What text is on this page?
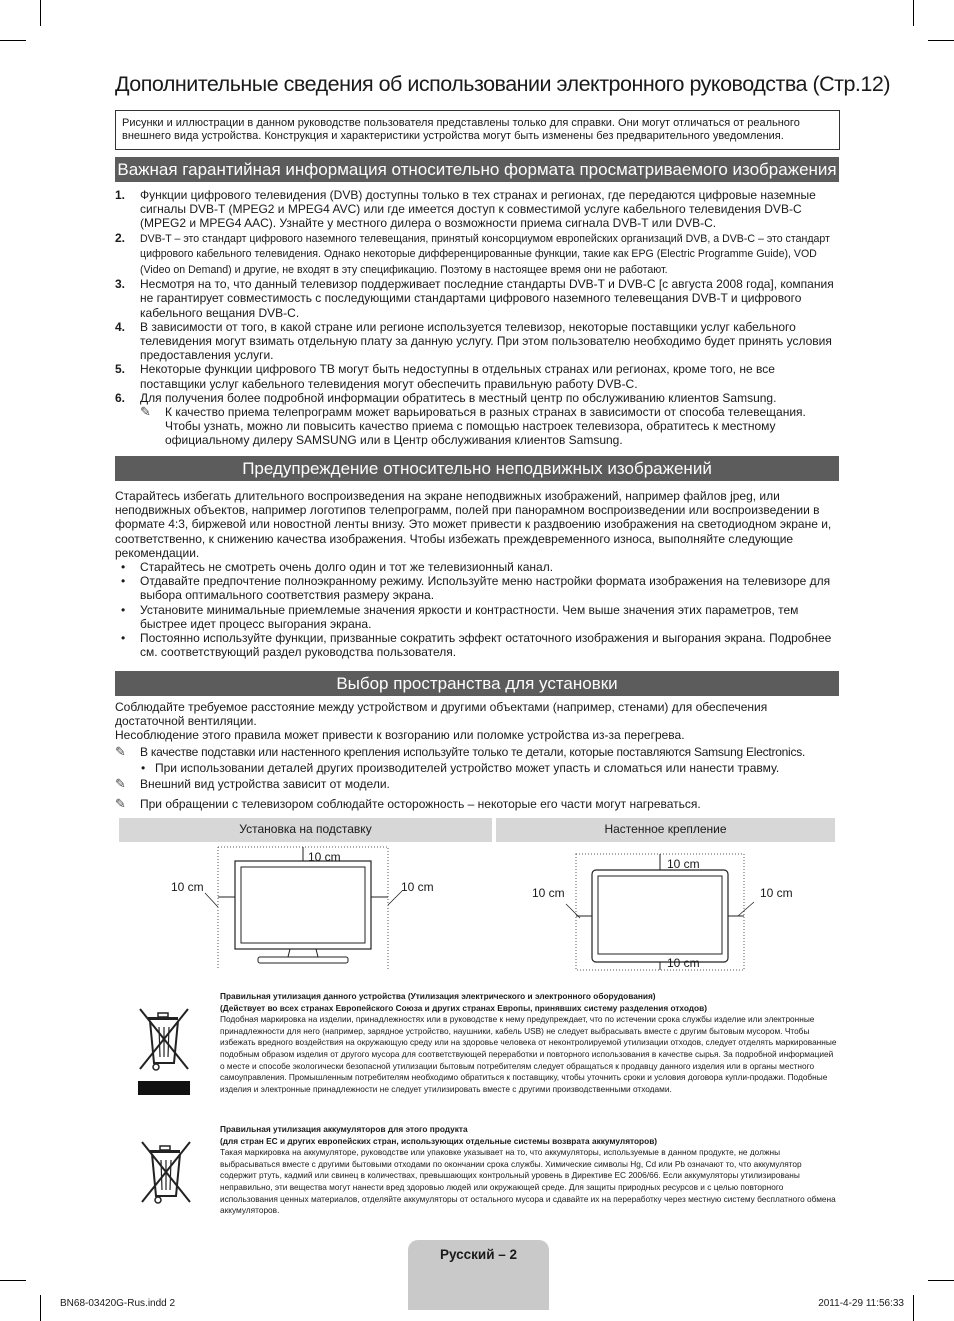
Дополнительные сведения об использовании электронного руководства (Стр.12)
Рисунки и иллюстрации в данном руководстве пользователя представлены только для справки. Они могут отличаться от реального внешнего вида устройства. Конструкция и характеристики устройства могут быть изменены без предварительного уведомления.
Важная гарантийная информация относительно формата просматриваемого изображения
1. Функции цифрового телевидения (DVB) доступны только в тех странах и регионах, где передаются цифровые наземные сигналы DVB-T (MPEG2 и MPEG4 AVC) или где имеется доступ к совместимой услуге кабельного телевидения DVB-C (MPEG2 и MPEG4 AAC). Узнайте у местного дилера о возможности приема сигнала DVB-T или DVB-C.
2. DVB-T – это стандарт цифрового наземного телевещания, принятый консорциумом европейских организаций DVB, а DVB-C – это стандарт цифрового кабельного телевидения. Однако некоторые дифференцированные функции, такие как EPG (Electric Programme Guide), VOD (Video on Demand) и другие, не входят в эту спецификацию. Поэтому в настоящее время они не работают.
3. Несмотря на то, что данный телевизор поддерживает последние стандарты DVB-T и DVB-C [с августа 2008 года], компания не гарантирует совместимость с последующими стандартами цифрового наземного телевещания DVB-T и цифрового кабельного вещания DVB-C.
4. В зависимости от того, в какой стране или регионе используется телевизор, некоторые поставщики услуг кабельного телевидения могут взимать отдельную плату за данную услугу. При этом пользователю необходимо будет принять условия предоставления услуги.
5. Некоторые функции цифрового ТВ могут быть недоступны в отдельных странах или регионах, кроме того, не все поставщики услуг кабельного телевидения могут обеспечить правильную работу DVB-C.
6. Для получения более подробной информации обратитесь в местный центр по обслуживанию клиентов Samsung.
✎ К качество приема телепрограмм может варьироваться в разных странах в зависимости от способа телевещания. Чтобы узнать, можно ли повысить качество приема с помощью настроек телевизора, обратитесь к местному официальному дилеру SAMSUNG или в Центр обслуживания клиентов Samsung.
Предупреждение относительно неподвижных изображений
Старайтесь избегать длительного воспроизведения на экране неподвижных изображений, например файлов jpeg, или неподвижных объектов, например логотипов телепрограмм, полей при панорамном воспроизведении или воспроизведении в формате 4:3, биржевой или новостной ленты внизу. Это может привести к раздвоению изображения на светодиодном экране и, соответственно, к снижению качества изображения. Чтобы избежать преждевременного износа, выполняйте следующие рекомендации.
• Старайтесь не смотреть очень долго один и тот же телевизионный канал.
• Отдавайте предпочтение полноэкранному режиму. Используйте меню настройки формата изображения на телевизоре для выбора оптимального соответствия размеру экрана.
• Установите минимальные приемлемые значения яркости и контрастности. Чем выше значения этих параметров, тем быстрее идет процесс выгорания экрана.
• Постоянно используйте функции, призванные сократить эффект остаточного изображения и выгорания экрана. Подробнее см. соответствующий раздел руководства пользователя.
Выбор пространства для установки
Соблюдайте требуемое расстояние между устройством и другими объектами (например, стенами) для обеспечения достаточной вентиляции.
Несоблюдение этого правила может привести к возгоранию или поломке устройства из-за перегрева.
✎ В качестве подставки или настенного крепления используйте только те детали, которые поставляются Samsung Electronics.
• При использовании деталей других производителей устройство может упасть и сломаться или нанести травму.
✎ Внешний вид устройства зависит от модели.
✎ При обращении с телевизором соблюдайте осторожность – некоторые его части могут нагреваться.
Установка на подставку	Настенное крепление
10 cm
10 cm	10 cm
10 cm
10 cm	10 cm
10 cm
Правильная утилизация данного устройства (Утилизация электрического и электронного оборудования)
(Действует во всех странах Европейского Союза и других странах Европы, принявших систему разделения отходов)
Подобная маркировка на изделии, принадлежностях или в руководстве к нему предупреждает, что по истечении срока службы изделие или электронные принадлежности для него (например, зарядное устройство, наушники, кабель USB) не следует выбрасывать вместе с другим бытовым мусором. Чтобы избежать вредного воздействия на окружающую среду или на здоровье человека от неконтролируемой утилизации отходов, следует отделять маркированные подобным образом изделия от другого мусора для соответствующей переработки и повторного использования в качестве сырья. За подробной информацией о месте и способе экологически безопасной утилизации бытовым потребителям следует обращаться к продавцу данного изделия или в органы местного самоуправления. Промышленным потребителям необходимо обратиться к поставщику, чтобы уточнить сроки и условия договора купли-продажи. Подобные изделия и электронные принадлежности не следует утилизировать вместе с другими производственными отходами.
Правильная утилизация аккумуляторов для этого продукта
(для стран ЕС и других европейских стран, использующих отдельные системы возврата аккумуляторов)
Такая маркировка на аккумуляторе, руководстве или упаковке указывает на то, что аккумуляторы, используемые в данном продукте, не должны выбрасываться вместе с другими бытовыми отходами по окончании срока службы. Химические символы Hg, Cd или Pb означают то, что аккумулятор содержит ртуть, кадмий или свинец в количествах, превышающих контрольный уровень в Директиве ЕС 2006/66. Если аккумуляторы утилизированы неправильно, эти вещества могут нанести вред здоровью людей или окружающей среде. Для защиты природных ресурсов и с целью повторного использования ценных материалов, отделяйте аккумуляторы от остального мусора и сдавайте их на переработку через местную систему бесплатного обмена аккумуляторов.
Русский – 2
BN68-03420G-Rus.indd 2	2011-4-29 11:56:33
